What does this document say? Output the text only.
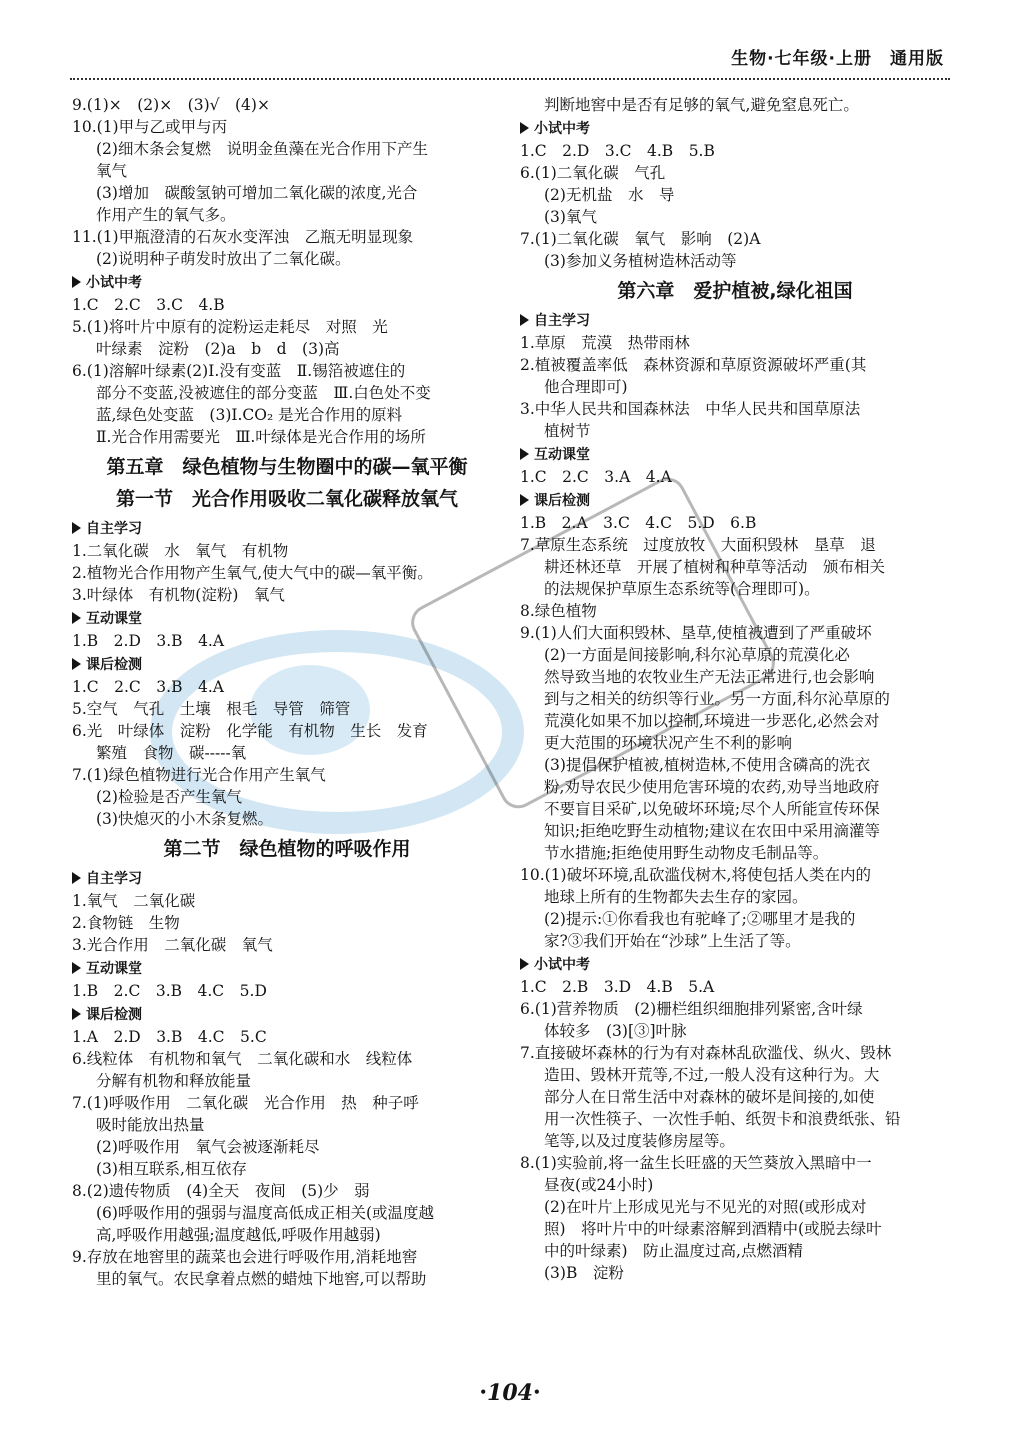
生物·七年级·上册　通用版
9.(1)×　(2)×　(3)√　(4)×
10.(1)甲与乙或甲与丙
(2)细木条会复燃　说明金鱼藻在光合作用下产生
氧气
(3)增加　碳酸氢钠可增加二氧化碳的浓度,光合
作用产生的氧气多。
11.(1)甲瓶澄清的石灰水变浑浊　乙瓶无明显现象
(2)说明种子萌发时放出了二氧化碳。
小试中考
1.C　2.C　3.C　4.B
5.(1)将叶片中原有的淀粉运走耗尽　对照　光
叶绿素　淀粉　(2)a　b　d　(3)高
6.(1)溶解叶绿素(2)Ⅰ.没有变蓝　Ⅱ.锡箔被遮住的
部分不变蓝,没被遮住的部分变蓝　Ⅲ.白色处不变
蓝,绿色处变蓝　(3)Ⅰ.CO₂ 是光合作用的原料
Ⅱ.光合作用需要光　Ⅲ.叶绿体是光合作用的场所
第五章　绿色植物与生物圈中的碳—氧平衡
第一节　光合作用吸收二氧化碳释放氧气
自主学习
1.二氧化碳　水　氧气　有机物
2.植物光合作用物产生氧气,使大气中的碳—氧平衡。
3.叶绿体　有机物(淀粉)　氧气
互动课堂
1.B　2.D　3.B　4.A
课后检测
1.C　2.C　3.B　4.A
5.空气　气孔　土壤　根毛　导管　筛管
6.光　叶绿体　淀粉　化学能　有机物　生长　发育
繁殖　食物　碳-----氧
7.(1)绿色植物进行光合作用产生氧气
(2)检验是否产生氧气
(3)快熄灭的小木条复燃。
第二节　绿色植物的呼吸作用
自主学习
1.氧气　二氧化碳
2.食物链　生物
3.光合作用　二氧化碳　氧气
互动课堂
1.B　2.C　3.B　4.C　5.D
课后检测
1.A　2.D　3.B　4.C　5.C
6.线粒体　有机物和氧气　二氧化碳和水　线粒体
分解有机物和释放能量
7.(1)呼吸作用　二氧化碳　光合作用　热　种子呼
吸时能放出热量
(2)呼吸作用　氧气会被逐渐耗尽
(3)相互联系,相互依存
8.(2)遗传物质　(4)全天　夜间　(5)少　弱
(6)呼吸作用的强弱与温度高低成正相关(或温度越
高,呼吸作用越强;温度越低,呼吸作用越弱)
9.存放在地窖里的蔬菜也会进行呼吸作用,消耗地窖
里的氧气。农民拿着点燃的蜡烛下地窖,可以帮助
判断地窖中是否有足够的氧气,避免窒息死亡。
小试中考
1.C　2.D　3.C　4.B　5.B
6.(1)二氧化碳　气孔
(2)无机盐　水　导
(3)氧气
7.(1)二氧化碳　氧气　影响　(2)A
(3)参加义务植树造林活动等
第六章　爱护植被,绿化祖国
自主学习
1.草原　荒漠　热带雨林
2.植被覆盖率低　森林资源和草原资源破坏严重(其
他合理即可)
3.中华人民共和国森林法　中华人民共和国草原法
植树节
互动课堂
1.C　2.C　3.A　4.A
课后检测
1.B　2.A　3.C　4.C　5.D　6.B
7.草原生态系统　过度放牧　大面积毁林　垦草　退
耕还林还草　开展了植树和种草等活动　颁布相关
的法规保护草原生态系统等(合理即可)。
8.绿色植物
9.(1)人们大面积毁林、垦草,使植被遭到了严重破坏
(2)一方面是间接影响,科尔沁草原的荒漠化必
然导致当地的农牧业生产无法正常进行,也会影响
到与之相关的纺织等行业。另一方面,科尔沁草原的
荒漠化如果不加以控制,环境进一步恶化,必然会对
更大范围的环境状况产生不利的影响
(3)提倡保护植被,植树造林,不使用含磷高的洗衣
粉,劝导农民少使用危害环境的农药,劝导当地政府
不要盲目采矿,以免破坏环境;尽个人所能宣传环保
知识;拒绝吃野生动植物;建议在农田中采用滴灌等
节水措施;拒绝使用野生动物皮毛制品等。
10.(1)破坏环境,乱砍滥伐树木,将使包括人类在内的
地球上所有的生物都失去生存的家园。
(2)提示:①你看我也有驼峰了;②哪里才是我的
家?③我们开始在“沙球”上生活了等。
小试中考
1.C　2.B　3.D　4.B　5.A
6.(1)营养物质　(2)栅栏组织细胞排列紧密,含叶绿
体较多　(3)[③]叶脉
7.直接破坏森林的行为有对森林乱砍滥伐、纵火、毁林
造田、毁林开荒等,不过,一般人没有这种行为。大
部分人在日常生活中对森林的破坏是间接的,如使
用一次性筷子、一次性手帕、纸贺卡和浪费纸张、铅
笔等,以及过度装修房屋等。
8.(1)实验前,将一盆生长旺盛的天竺葵放入黑暗中一
昼夜(或24小时)
(2)在叶片上形成见光与不见光的对照(或形成对
照)　将叶片中的叶绿素溶解到酒精中(或脱去绿叶
中的叶绿素)　防止温度过高,点燃酒精
(3)B　淀粉
•104•
